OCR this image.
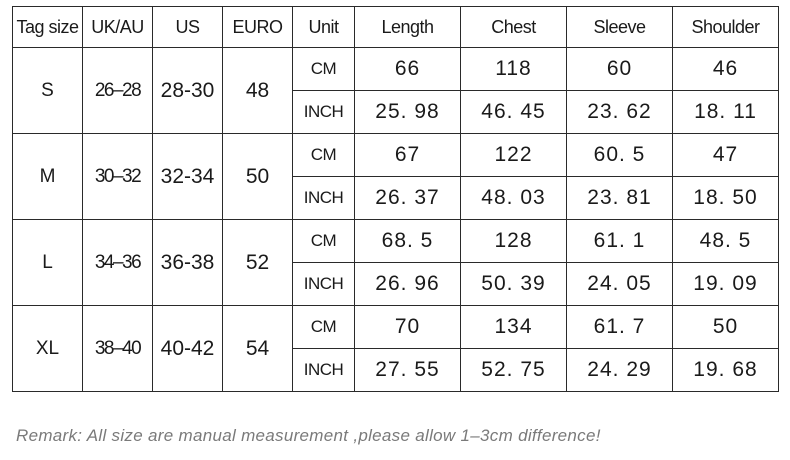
Tag size	UK/AU	US	EURO	Unit	Length	Chest	Sleeve	Shoulder
S	26–28	28-30	48	CM	66	118	60	46
				INCH	25. 98	46. 45	23. 62	18. 11
M	30–32	32-34	50	CM	67	122	60. 5	47
				INCH	26. 37	48. 03	23. 81	18. 50
L	34–36	36-38	52	CM	68. 5	128	61. 1	48. 5
				INCH	26. 96	50. 39	24. 05	19. 09
XL	38–40	40-42	54	CM	70	134	61. 7	50
				INCH	27. 55	52. 75	24. 29	19. 68
Remark: All size are manual measurement ,please allow 1–3cm difference!
